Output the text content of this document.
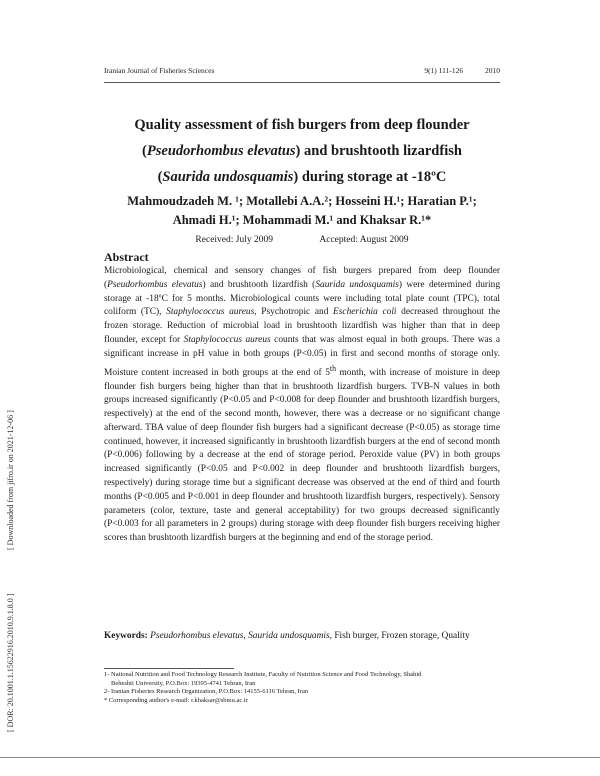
Iranian Journal of Fisheries Sciences	9(1) 111-126	2010
Quality assessment of fish burgers from deep flounder
(Pseudorhombus elevatus) and brushtooth lizardfish
(Saurida undosquamis) during storage at -18ºC
Mahmoudzadeh M. ¹; Motallebi A.A.²; Hosseini H.¹; Haratian P.¹;
Ahmadi H.¹; Mohammadi M.¹ and Khaksar R.¹*
Received: July 2009	Accepted: August 2009
Abstract

Microbiological, chemical and sensory changes of fish burgers prepared from deep flounder (Pseudorhombus elevatus) and brushtooth lizardfish (Saurida undosquamis) were determined during storage at -18ºC for 5 months. Microbiological counts were including total plate count (TPC), total coliform (TC), Staphylococcus aureus, Psychotropic and Escherichia coli decreased throughout the frozen storage. Reduction of microbial load in brushtooth lizardfish was higher than that in deep flounder, except for Staphylococcus aureus counts that was almost equal in both groups. There was a significant increase in pH value in both groups (P<0.05) in first and second months of storage only. Moisture content increased in both groups at the end of 5th month, with increase of moisture in deep flounder fish burgers being higher than that in brushtooth lizardfish burgers. TVB-N values in both groups increased significantly (P<0.05 and P<0.008 for deep flounder and brushtooth lizardfish burgers, respectively) at the end of the second month, however, there was a decrease or no significant change afterward. TBA value of deep flounder fish burgers had a significant decrease (P<0.05) as storage time continued, however, it increased significantly in brushtooth lizardfish burgers at the end of second month (P<0.006) following by a decrease at the end of storage period. Peroxide value (PV) in both groups increased significantly (P<0.05 and P<0.002 in deep flounder and brushtooth lizardfish burgers, respectively) during storage time but a significant decrease was observed at the end of third and fourth months (P<0.005 and P<0.001 in deep flounder and brushtooth lizardfish burgers, respectively). Sensory parameters (color, texture, taste and general acceptability) for two groups decreased significantly (P<0.003 for all parameters in 2 groups) during storage with deep flounder fish burgers receiving higher scores than brushtooth lizardfish burgers at the beginning and end of the storage period.

Keywords: Pseudorhombus elevatus, Saurida undosquamis, Fish burger, Frozen storage, Quality
1- National Nutrition and Food Technology Research Institute, Faculty of Nutrition Science and Food Technology, Shahid
Beheshti University, P.O.Box: 19395-4741 Tehran, Iran
2- Iranian Fisheries Research Organization, P.O.Box: 14155-6116 Tehran, Iran
* Corresponding author's e-mail: r.khaksar@sbmu.ac.ir
[ Downloaded from jifro.ir on 2021-12-06 ]
[ DOR: 20.1001.1.15622916.2010.9.1.8.0 ]
